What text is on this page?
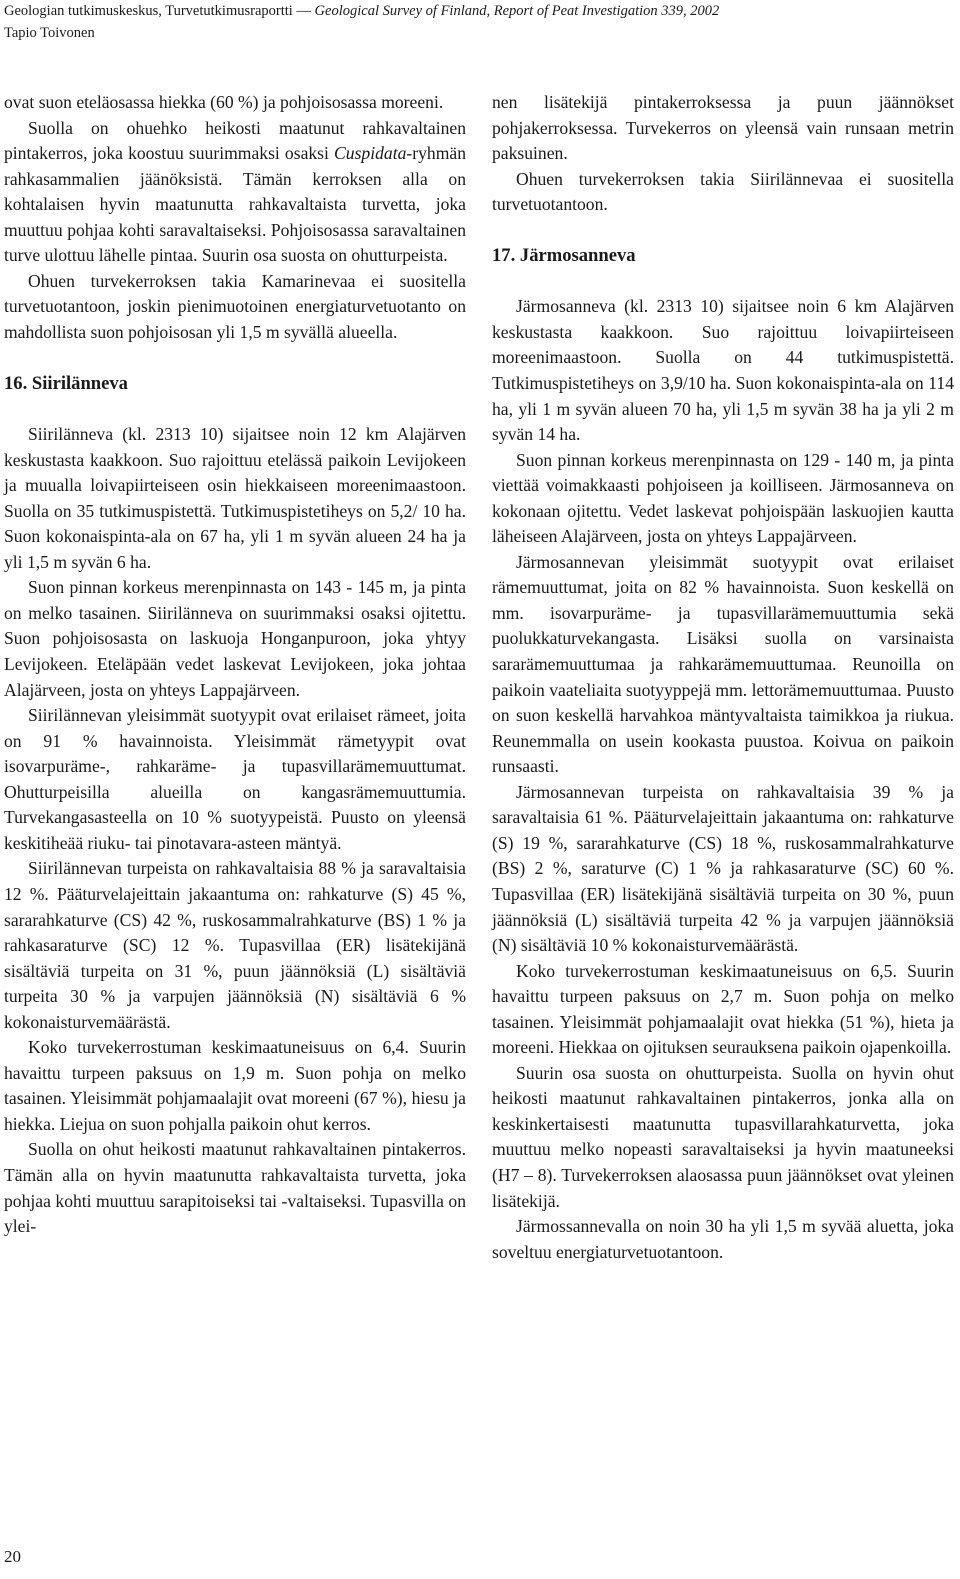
Geologian tutkimuskeskus, Turvetutkimusraportti — Geological Survey of Finland, Report of Peat Investigation 339, 2002
Tapio Toivonen

ovat suon eteläosassa hiekka (60 %) ja pohjoisosassa moreeni.

Suolla on ohuehko heikosti maatunut rahkavaltainen pintakerros, joka koostuu suurimmaksi osaksi Cuspidata-ryhmän rahkasammalien jäänöksistä. Tämän kerroksen alla on kohtalaisen hyvin maatunutta rahkavaltaista turvetta, joka muuttuu pohjaa kohti saravaltaiseksi. Pohjoisosassa saravaltainen turve ulottuu lähelle pintaa. Suurin osa suosta on ohutturpeista.

Ohuen turvekerroksen takia Kamarinevaa ei suositella turvetuotantoon, joskin pienimuotoinen energiaturvetuotanto on mahdollista suon pohjoisosan yli 1,5 m syvällä alueella.

16. Siirilänneva

Siirilänneva (kl. 2313 10) sijaitsee noin 12 km Alajärven keskustasta kaakkoon. Suo rajoittuu etelässä paikoin Levijokeen ja muualla loivapiirteiseen osin hiekkaiseen moreenimaastoon. Suolla on 35 tutkimuspistettä. Tutkimuspistetiheys on 5,2/ 10 ha. Suon kokonaispinta-ala on 67 ha, yli 1 m syvän alueen 24 ha ja yli 1,5 m syvän 6 ha.

Suon pinnan korkeus merenpinnasta on 143 - 145 m, ja pinta on melko tasainen. Siirilänneva on suurimmaksi osaksi ojitettu. Suon pohjoisosasta on laskuoja Honganpuroon, joka yhtyy Levijokeen. Eteläpään vedet laskevat Levijokeen, joka johtaa Alajärveen, josta on yhteys Lappajärveen.

Siirilännevan yleisimmät suotyypit ovat erilaiset rämeet, joita on 91 % havainnoista. Yleisimmät rämetyypit ovat isovarpuräme-, rahkaräme- ja tupasvillarämemuuttumat. Ohutturpeisilla alueilla on kangasrämemuuttumia. Turvekangasasteella on 10 % suotyypeistä. Puusto on yleensä keskitiheää riuku- tai pinotavara-asteen mäntyä.

Siirilännevan turpeista on rahkavaltaisia 88 % ja saravaltaisia 12 %. Pääturvelajeittain jakaantuma on: rahkaturve (S) 45 %, sararahkaturve (CS) 42 %, ruskosammalrahkaturve (BS) 1 % ja rahkasaraturve (SC) 12 %. Tupasvillaa (ER) lisätekijänä sisältäviä turpeita on 31 %, puun jäännöksiä (L) sisältäviä turpeita 30 % ja varpujen jäännöksiä (N) sisältäviä 6 % kokonaisturvemäärästä.

Koko turvekerrostuman keskimaatuneisuus on 6,4. Suurin havaittu turpeen paksuus on 1,9 m. Suon pohja on melko tasainen. Yleisimmät pohjamaalajit ovat moreeni (67 %), hiesu ja hiekka. Liejua on suon pohjalla paikoin ohut kerros.

Suolla on ohut heikosti maatunut rahkavaltainen pintakerros. Tämän alla on hyvin maatunutta rahkavaltaista turvetta, joka pohjaa kohti muuttuu sarapitoiseksi tai -valtaiseksi. Tupasvilla on ylei-

nen lisätekijä pintakerroksessa ja puun jäännökset pohjakerroksessa. Turvekerros on yleensä vain runsaan metrin paksuinen.

Ohuen turvekerroksen takia Siirilännevaa ei suositella turvetuotantoon.

17. Järmosanneva

Järmosanneva (kl. 2313 10) sijaitsee noin 6 km Alajärven keskustasta kaakkoon. Suo rajoittuu loivapiirteiseen moreenimaastoon. Suolla on 44 tutkimuspistettä. Tutkimuspistetiheys on 3,9/10 ha. Suon kokonaispinta-ala on 114 ha, yli 1 m syvän alueen 70 ha, yli 1,5 m syvän 38 ha ja yli 2 m syvän 14 ha.

Suon pinnan korkeus merenpinnasta on 129 - 140 m, ja pinta viettää voimakkaasti pohjoiseen ja koilliseen. Järmosanneva on kokonaan ojitettu. Vedet laskevat pohjoispään laskuojien kautta läheiseen Alajärveen, josta on yhteys Lappajärveen.

Järmosannevan yleisimmät suotyypit ovat erilaiset rämemuuttumat, joita on 82 % havainnoista. Suon keskellä on mm. isovarpuräme- ja tupasvillarämemuuttumia sekä puolukkaturvekangasta. Lisäksi suolla on varsinaista sararämemuuttumaa ja rahkarämemuuttumaa. Reunoilla on paikoin vaateliaita suotyyppejä mm. lettorämemuuttumaa. Puusto on suon keskellä harvahkoa mäntyvaltaista taimikkoa ja riukua. Reunemmalla on usein kookasta puustoa. Koivua on paikoin runsaasti.

Järmosannevan turpeista on rahkavaltaisia 39 % ja saravaltaisia 61 %. Pääturvelajeittain jakaantuma on: rahkaturve (S) 19 %, sararahkaturve (CS) 18 %, ruskosammalrahkaturve (BS) 2 %, saraturve (C) 1 % ja rahkasaraturve (SC) 60 %. Tupasvillaa (ER) lisätekijänä sisältäviä turpeita on 30 %, puun jäännöksiä (L) sisältäviä turpeita 42 % ja varpujen jäännöksiä (N) sisältäviä 10 % kokonaisturvemäärästä.

Koko turvekerrostuman keskimaatuneisuus on 6,5. Suurin havaittu turpeen paksuus on 2,7 m. Suon pohja on melko tasainen. Yleisimmät pohjamaalajit ovat hiekka (51 %), hieta ja moreeni. Hiekkaa on ojituksen seurauksena paikoin ojapenkoilla.

Suurin osa suosta on ohutturpeista. Suolla on hyvin ohut heikosti maatunut rahkavaltainen pintakerros, jonka alla on keskinkertaisesti maatunutta tupasvillarahkaturvetta, joka muuttuu melko nopeasti saravaltaiseksi ja hyvin maatuneeksi (H7 – 8). Turvekerroksen alaosassa puun jäännökset ovat yleinen lisätekijä.

Järmossannevalla on noin 30 ha yli 1,5 m syvää aluetta, joka soveltuu energiaturvetuotantoon.

20
